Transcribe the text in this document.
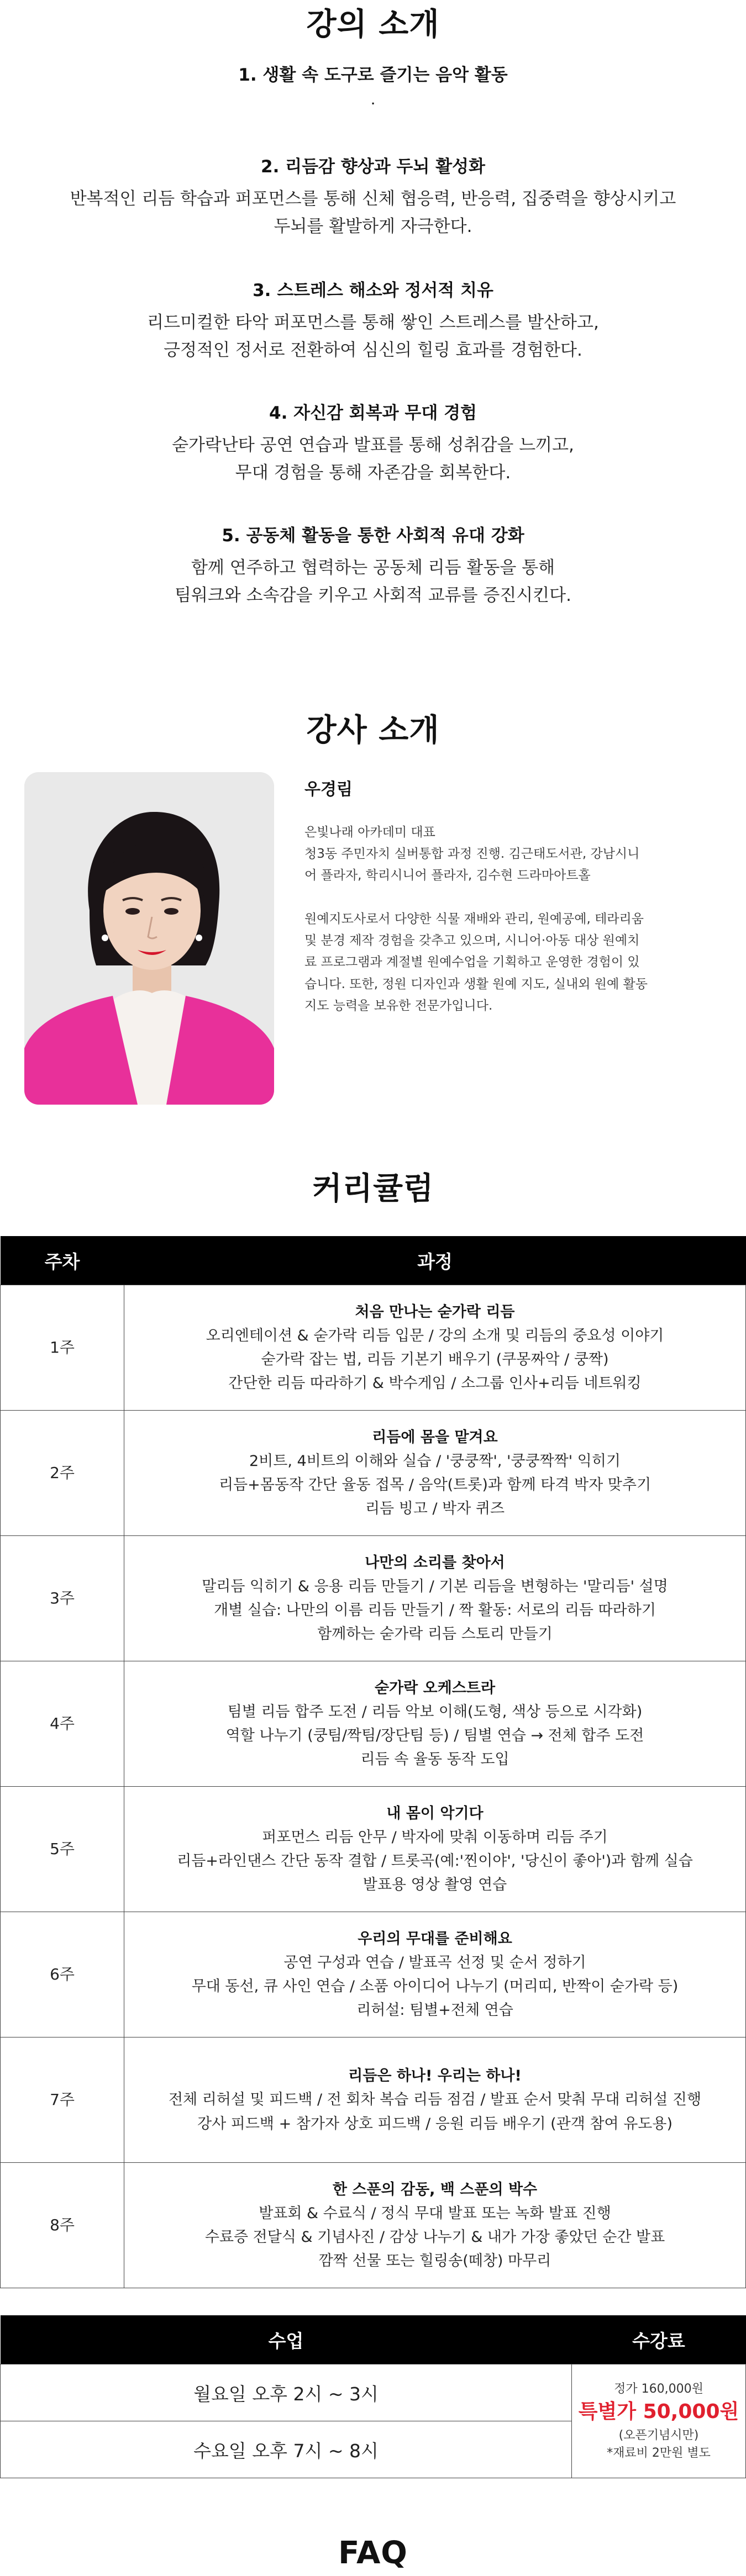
강의 소개
1. 생활 속 도구로 즐기는 음악 활동
.
2. 리듬감 향상과 두뇌 활성화
반복적인 리듬 학습과 퍼포먼스를 통해 신체 협응력, 반응력, 집중력을 향상시키고
두뇌를 활발하게 자극한다.
3. 스트레스 해소와 정서적 치유
리드미컬한 타악 퍼포먼스를 통해 쌓인 스트레스를 발산하고,
긍정적인 정서로 전환하여 심신의 힐링 효과를 경험한다.
4. 자신감 회복과 무대 경험
숟가락난타 공연 연습과 발표를 통해 성취감을 느끼고,
무대 경험을 통해 자존감을 회복한다.
5. 공동체 활동을 통한 사회적 유대 강화
함께 연주하고 협력하는 공동체 리듬 활동을 통해
팀워크와 소속감을 키우고 사회적 교류를 증진시킨다.
강사 소개
우경림
은빛나래 아카데미 대표
청3동 주민자치 실버통합 과정 진행. 김근태도서관, 강남시니
어 플라자, 학리시니어 플라자, 김수현 드라마아트홀
원예지도사로서 다양한 식물 재배와 관리, 원예공예, 테라리움
및 분경 제작 경험을 갖추고 있으며, 시니어·아동 대상 원예치
료 프로그램과 계절별 원예수업을 기획하고 운영한 경험이 있
습니다. 또한, 정원 디자인과 생활 원예 지도, 실내외 원예 활동
지도 능력을 보유한 전문가입니다.
커리큘럼
주차	과정
1주	처음 만나는 숟가락 리듬
오리엔테이션 & 숟가락 리듬 입문 / 강의 소개 및 리듬의 중요성 이야기
숟가락 잡는 법, 리듬 기본기 배우기 (쿠몽짜악 / 쿵짝)
간단한 리듬 따라하기 & 박수게임 / 소그룹 인사+리듬 네트워킹

2주	리듬에 몸을 맡겨요
2비트, 4비트의 이해와 실습 / '쿵쿵짝', '쿵쿵짝짝' 익히기
리듬+몸동작 간단 율동 접목 / 음악(트롯)과 함께 타격 박자 맞추기
리듬 빙고 / 박자 퀴즈

3주	나만의 소리를 찾아서
말리듬 익히기 & 응용 리듬 만들기 / 기본 리듬을 변형하는 '말리듬' 설명
개별 실습: 나만의 이름 리듬 만들기 / 짝 활동: 서로의 리듬 따라하기
함께하는 숟가락 리듬 스토리 만들기

4주	숟가락 오케스트라
팀별 리듬 합주 도전 / 리듬 악보 이해(도형, 색상 등으로 시각화)
역할 나누기 (쿵팀/짝팀/장단팀 등) / 팀별 연습 → 전체 합주 도전
리듬 속 율동 동작 도입

5주	내 몸이 악기다
퍼포먼스 리듬 안무 / 박자에 맞춰 이동하며 리듬 주기
리듬+라인댄스 간단 동작 결합 / 트롯곡(예:'찐이야', '당신이 좋아')과 함께 실습
발표용 영상 촬영 연습

6주	우리의 무대를 준비해요
공연 구성과 연습 / 발표곡 선정 및 순서 정하기
무대 동선, 큐 사인 연습 / 소품 아이디어 나누기 (머리띠, 반짝이 숟가락 등)
리허설: 팀별+전체 연습

7주	리듬은 하나! 우리는 하나!
전체 리허설 및 피드백 / 전 회차 복습 리듬 점검 / 발표 순서 맞춰 무대 리허설 진행
강사 피드백 + 참가자 상호 피드백 / 응원 리듬 배우기 (관객 참여 유도용)

8주	한 스푼의 감동, 백 스푼의 박수
발표회 & 수료식 / 정식 무대 발표 또는 녹화 발표 진행
수료증 전달식 & 기념사진 / 감상 나누기 & 내가 가장 좋았던 순간 발표
깜짝 선물 또는 힐링송(떼창) 마무리
수업	수강료
월요일 오후 2시 ~ 3시	정가 160,000원
특별가 50,000원
(오픈기념시만)
*재료비 2만원 별도

수요일 오후 7시 ~ 8시	
FAQ
